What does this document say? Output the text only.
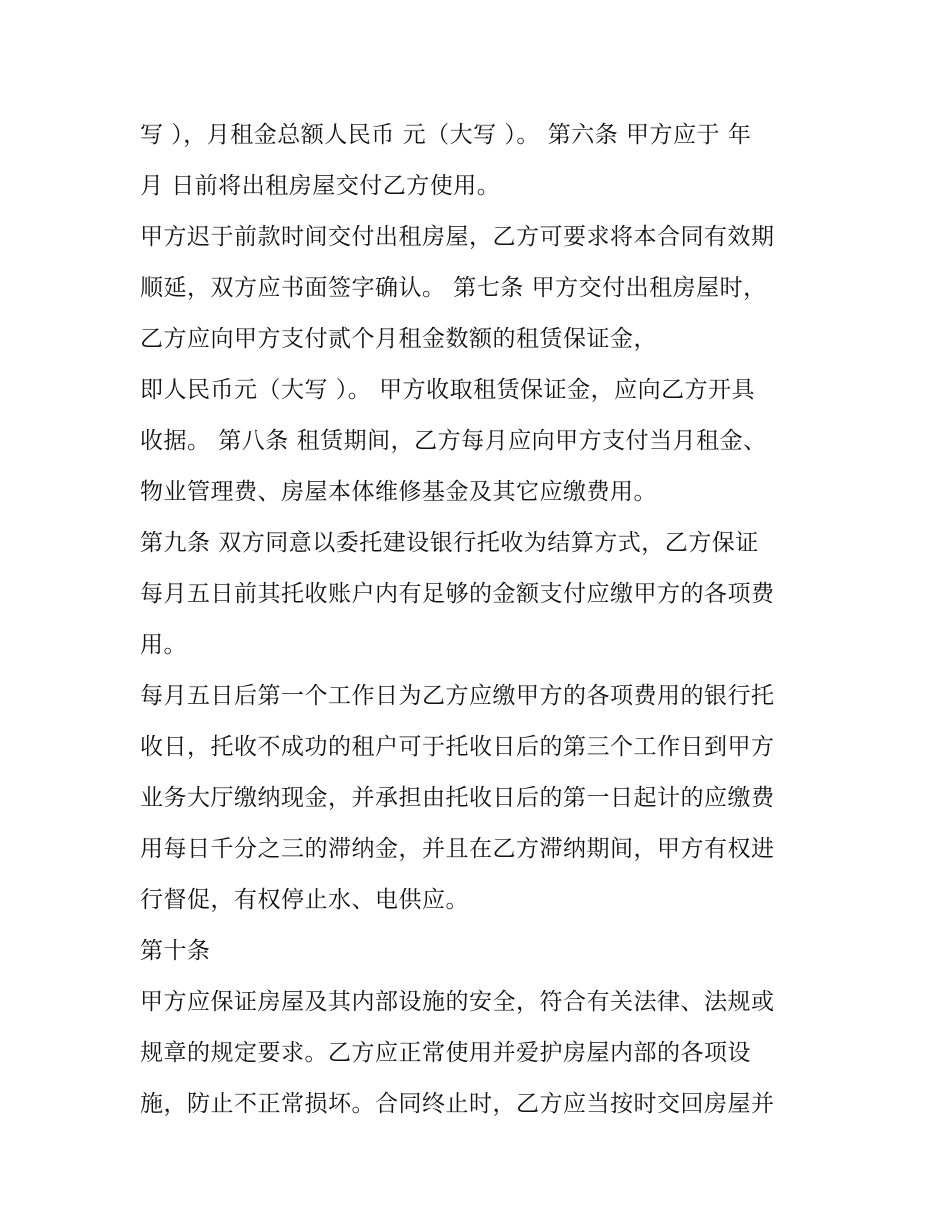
写 ），月租金总额人民币 元（大写 ）。 第六条 甲方应于 年
月 日前将出租房屋交付乙方使用。
甲方迟于前款时间交付出租房屋，乙方可要求将本合同有效期
顺延，双方应书面签字确认。 第七条 甲方交付出租房屋时，
乙方应向甲方支付贰个月租金数额的租赁保证金，
即人民币元（大写 ）。 甲方收取租赁保证金，应向乙方开具
收据。 第八条 租赁期间，乙方每月应向甲方支付当月租金、
物业管理费、房屋本体维修基金及其它应缴费用。
第九条 双方同意以委托建设银行托收为结算方式，乙方保证
每月五日前其托收账户内有足够的金额支付应缴甲方的各项费
用。
每月五日后第一个工作日为乙方应缴甲方的各项费用的银行托
收日，托收不成功的租户可于托收日后的第三个工作日到甲方
业务大厅缴纳现金，并承担由托收日后的第一日起计的应缴费
用每日千分之三的滞纳金，并且在乙方滞纳期间，甲方有权进
行督促，有权停止水、电供应。
第十条
甲方应保证房屋及其内部设施的安全，符合有关法律、法规或
规章的规定要求。乙方应正常使用并爱护房屋内部的各项设
施，防止不正常损坏。合同终止时，乙方应当按时交回房屋并
